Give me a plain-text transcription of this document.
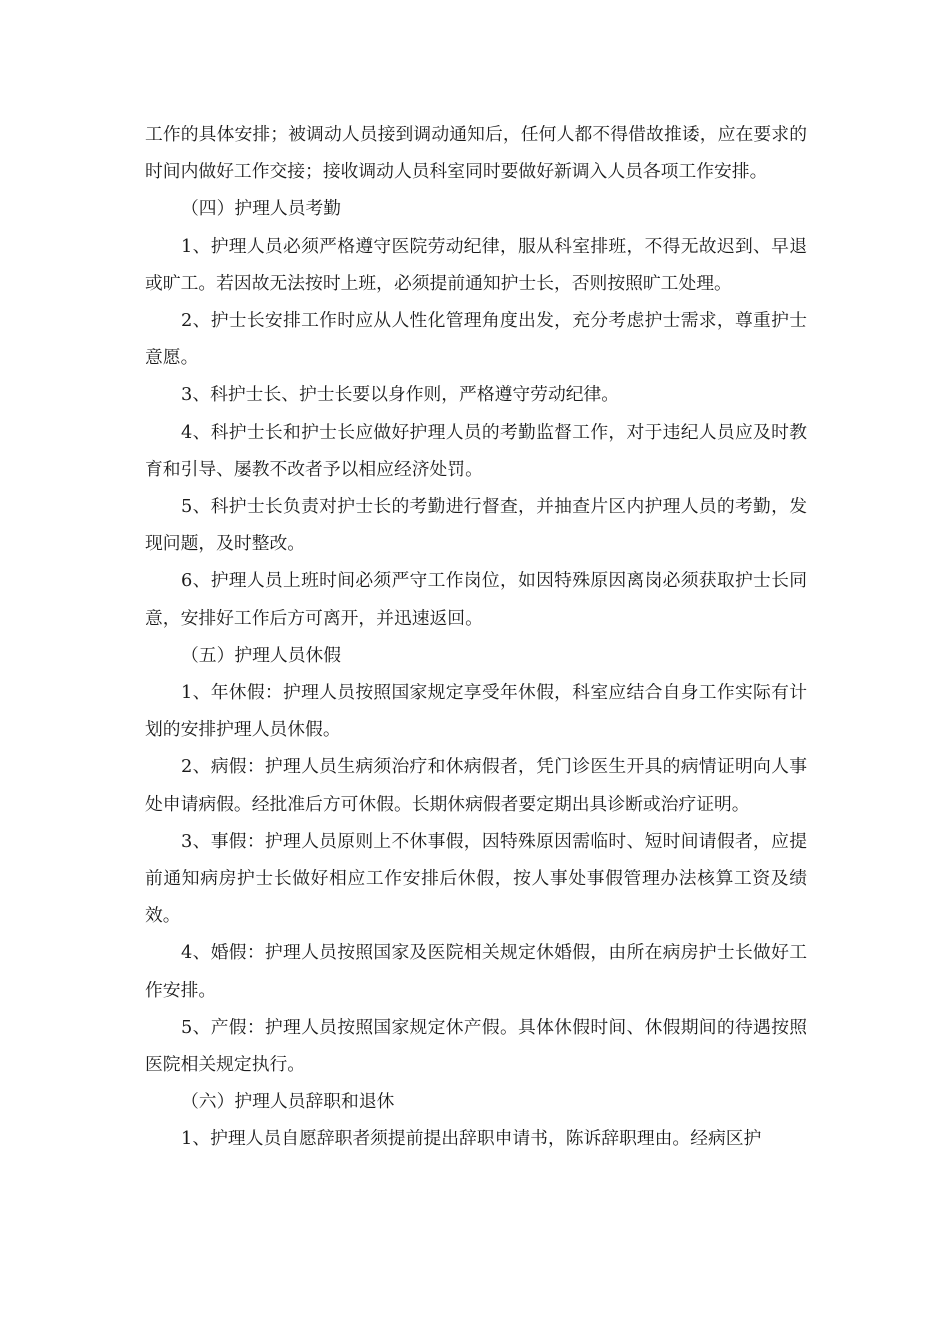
工作的具体安排；被调动人员接到调动通知后，任何人都不得借故推诿，应在要求的时间内做好工作交接；接收调动人员科室同时要做好新调入人员各项工作安排。

（四）护理人员考勤

1、护理人员必须严格遵守医院劳动纪律，服从科室排班，不得无故迟到、早退或旷工。若因故无法按时上班，必须提前通知护士长，否则按照旷工处理。

2、护士长安排工作时应从人性化管理角度出发，充分考虑护士需求，尊重护士意愿。

3、科护士长、护士长要以身作则，严格遵守劳动纪律。

4、科护士长和护士长应做好护理人员的考勤监督工作，对于违纪人员应及时教育和引导、屡教不改者予以相应经济处罚。

5、科护士长负责对护士长的考勤进行督查，并抽查片区内护理人员的考勤，发现问题，及时整改。

6、护理人员上班时间必须严守工作岗位，如因特殊原因离岗必须获取护士长同意，安排好工作后方可离开，并迅速返回。

（五）护理人员休假

1、年休假：护理人员按照国家规定享受年休假，科室应结合自身工作实际有计划的安排护理人员休假。

2、病假：护理人员生病须治疗和休病假者，凭门诊医生开具的病情证明向人事处申请病假。经批准后方可休假。长期休病假者要定期出具诊断或治疗证明。

3、事假：护理人员原则上不休事假，因特殊原因需临时、短时间请假者，应提前通知病房护士长做好相应工作安排后休假，按人事处事假管理办法核算工资及绩效。

4、婚假：护理人员按照国家及医院相关规定休婚假，由所在病房护士长做好工作安排。

5、产假：护理人员按照国家规定休产假。具体休假时间、休假期间的待遇按照医院相关规定执行。

（六）护理人员辞职和退休

1、护理人员自愿辞职者须提前提出辞职申请书，陈诉辞职理由。经病区护
